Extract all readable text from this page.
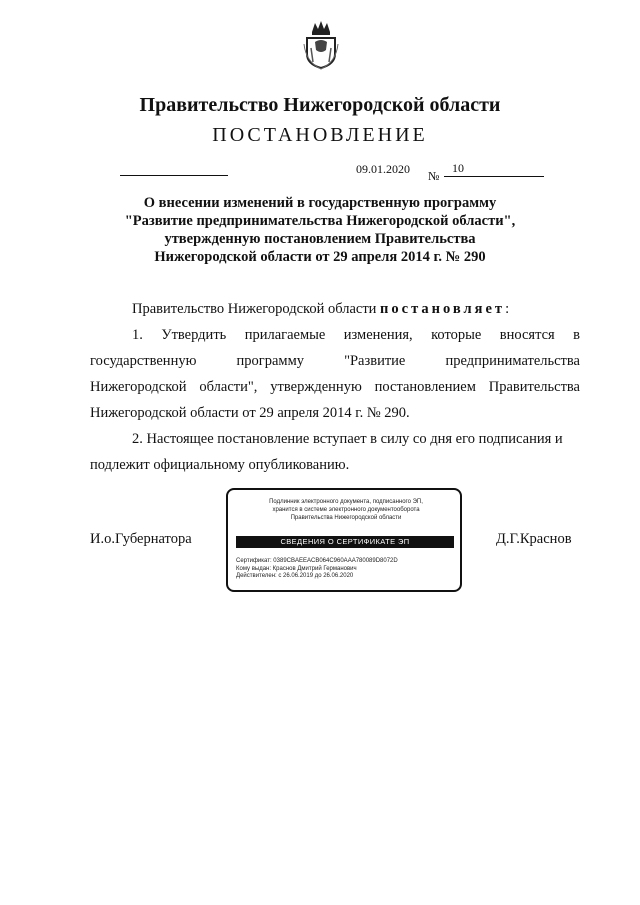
Правительство Нижегородской области
ПОСТАНОВЛЕНИЕ
09.01.2020 №
10
О внесении изменений в государственную программу
"Развитие предпринимательства Нижегородской области",
утвержденную постановлением Правительства
Нижегородской области от 29 апреля 2014 г. № 290
Правительство Нижегородской области постановляет:
1. Утвердить прилагаемые изменения, которые вносятся в
государственную программу "Развитие предпринимательства
Нижегородской области", утвержденную постановлением Правительства Нижегородской области от 29 апреля 2014 г. № 290.
2. Настоящее постановление вступает в силу со дня его подписания и подлежит официальному опубликованию.
И.о.Губернатора
Подлинник электронного документа, подписанного ЭП,
хранится в системе электронного документооборота
Правительства Нижегородской области
СВЕДЕНИЯ О СЕРТИФИКАТЕ ЭП
Сертификат: 0389CBAEEACB064C960AAA780089D8072D
Кому выдан: Краснов Дмитрий Германович
Действителен: с 26.06.2019 до 26.06.2020
Д.Г.Краснов
